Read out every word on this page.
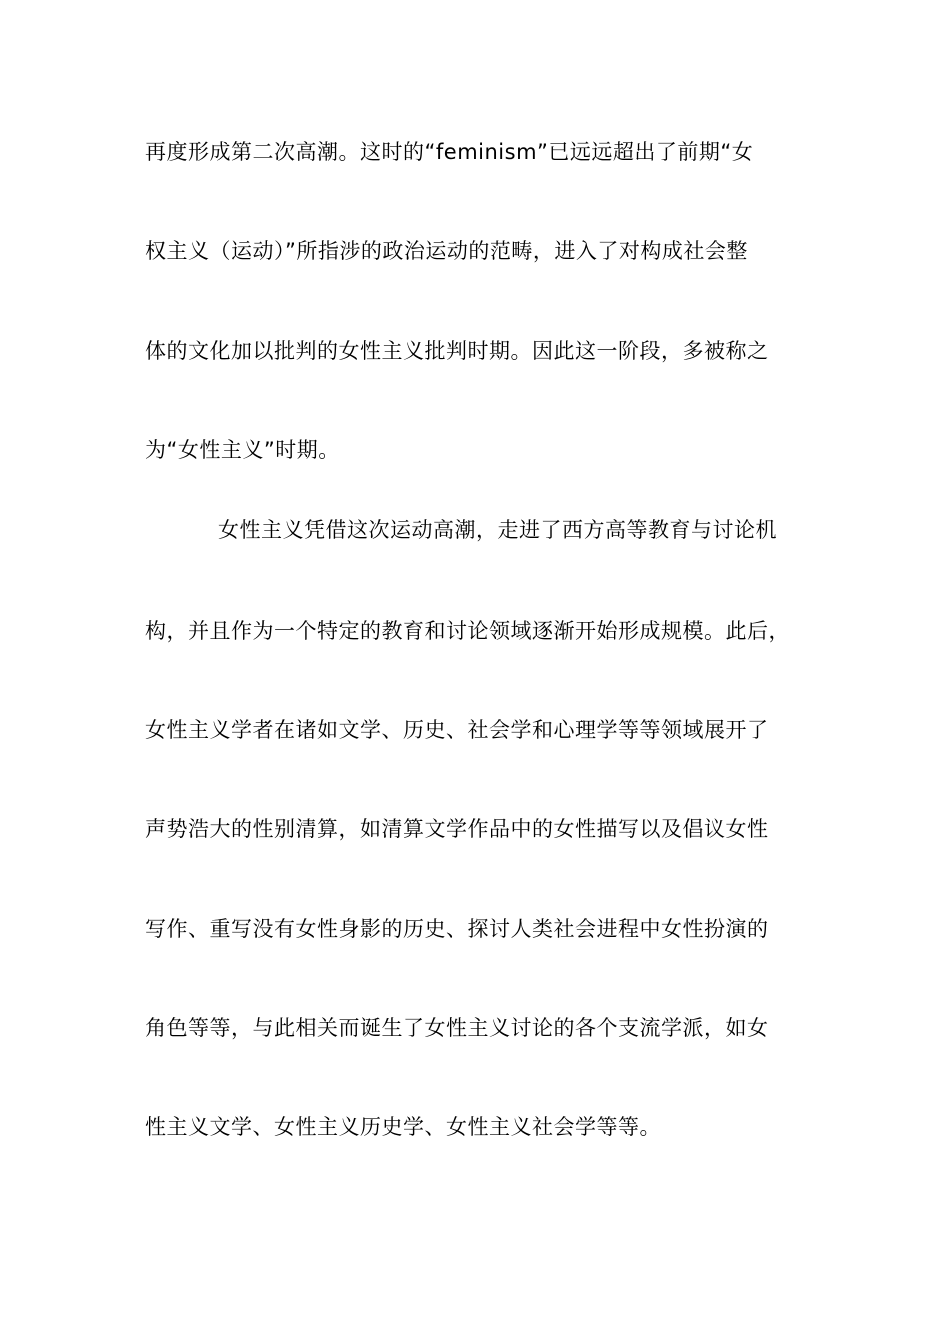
再度形成第二次高潮。这时的“feminism”已远远超出了前期“女
权主义（运动）”所指涉的政治运动的范畴，进入了对构成社会整
体的文化加以批判的女性主义批判时期。因此这一阶段，多被称之
为“女性主义”时期。
女性主义凭借这次运动高潮，走进了西方高等教育与讨论机
构，并且作为一个特定的教育和讨论领域逐渐开始形成规模。此后，
女性主义学者在诸如文学、历史、社会学和心理学等等领域展开了
声势浩大的性别清算，如清算文学作品中的女性描写以及倡议女性
写作、重写没有女性身影的历史、探讨人类社会进程中女性扮演的
角色等等，与此相关而诞生了女性主义讨论的各个支流学派，如女
性主义文学、女性主义历史学、女性主义社会学等等。
